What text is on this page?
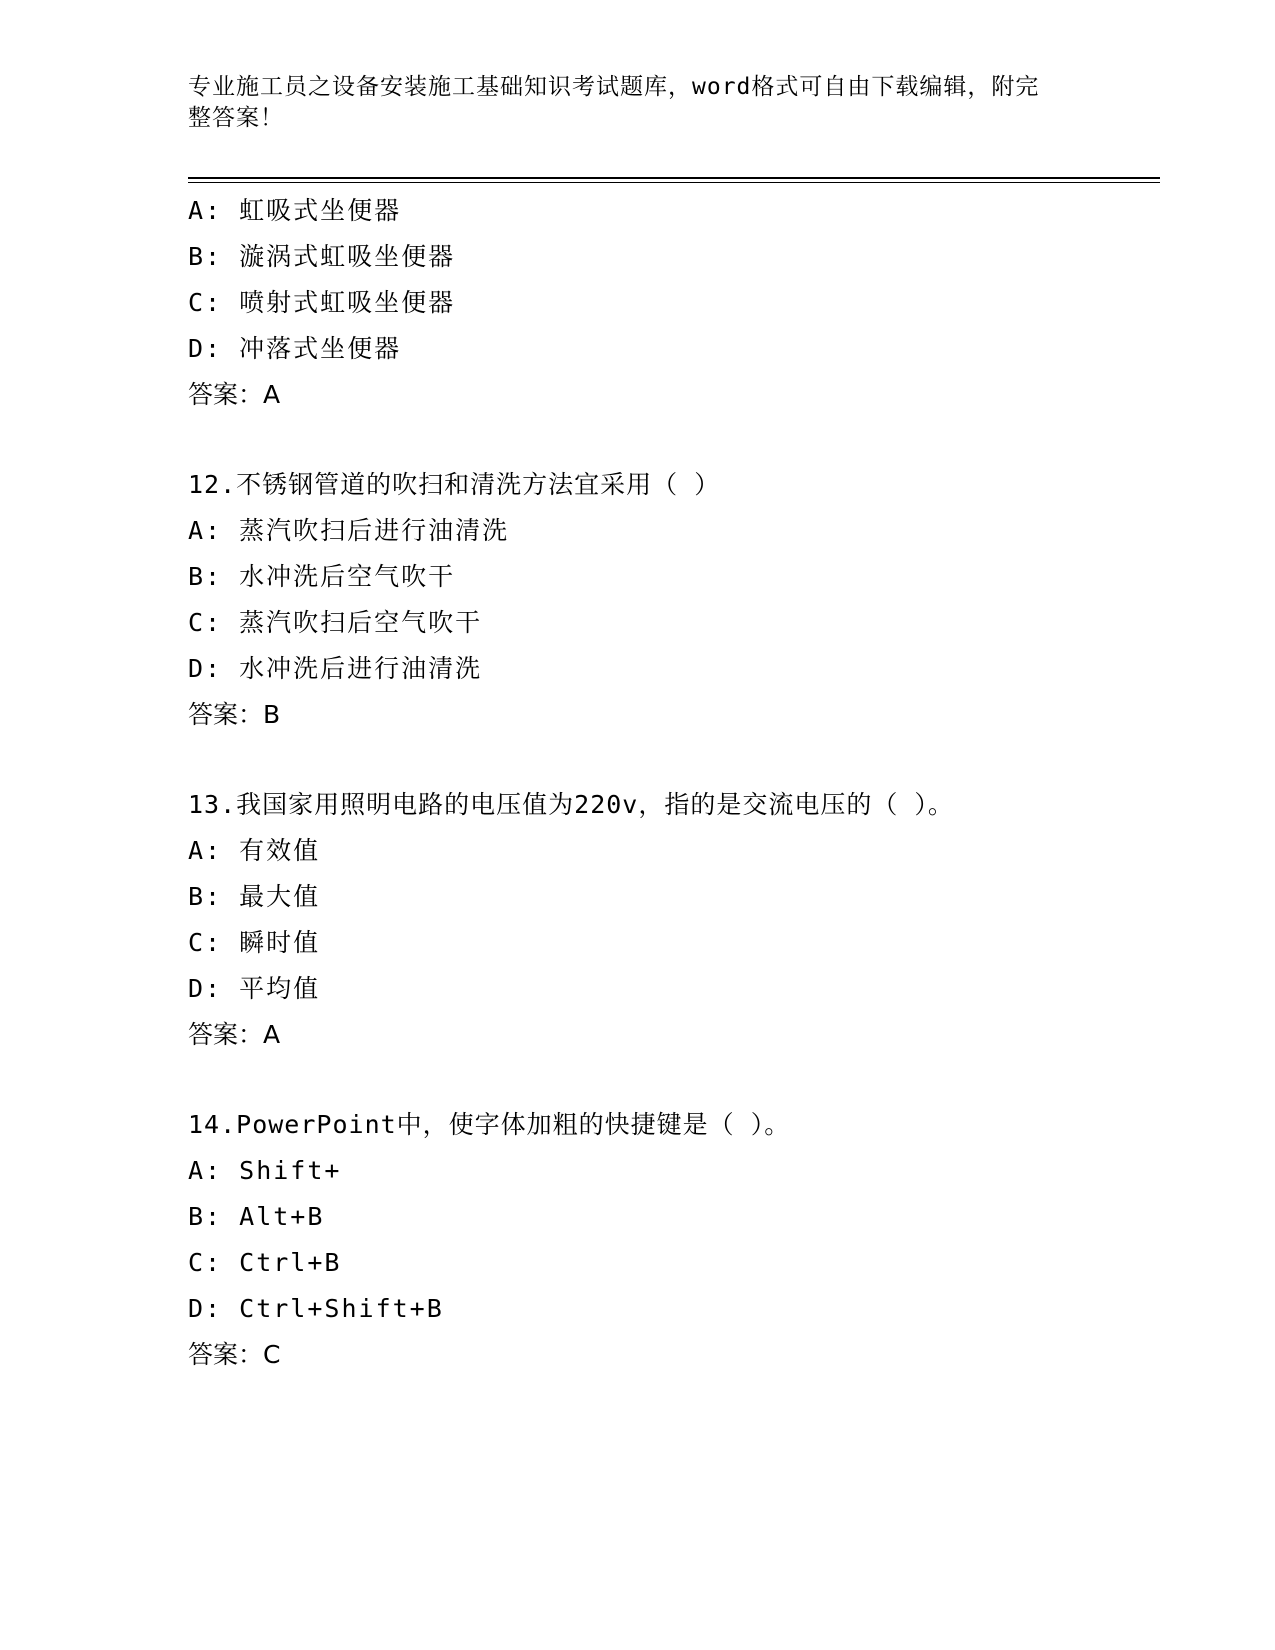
专业施工员之设备安装施工基础知识考试题库，word格式可自由下载编辑，附完
整答案！
A: 虹吸式坐便器
B: 漩涡式虹吸坐便器
C: 喷射式虹吸坐便器
D: 冲落式坐便器
答案：A
12.不锈钢管道的吹扫和清洗方法宜采用（ ）
A: 蒸汽吹扫后进行油清洗
B: 水冲洗后空气吹干
C: 蒸汽吹扫后空气吹干
D: 水冲洗后进行油清洗
答案：B
13.我国家用照明电路的电压值为220v，指的是交流电压的（ ）。
A: 有效值
B: 最大值
C: 瞬时值
D: 平均值
答案：A
14.PowerPoint中，使字体加粗的快捷键是（ ）。
A: Shift+
B: Alt+B
C: Ctrl+B
D: Ctrl+Shift+B
答案：C
